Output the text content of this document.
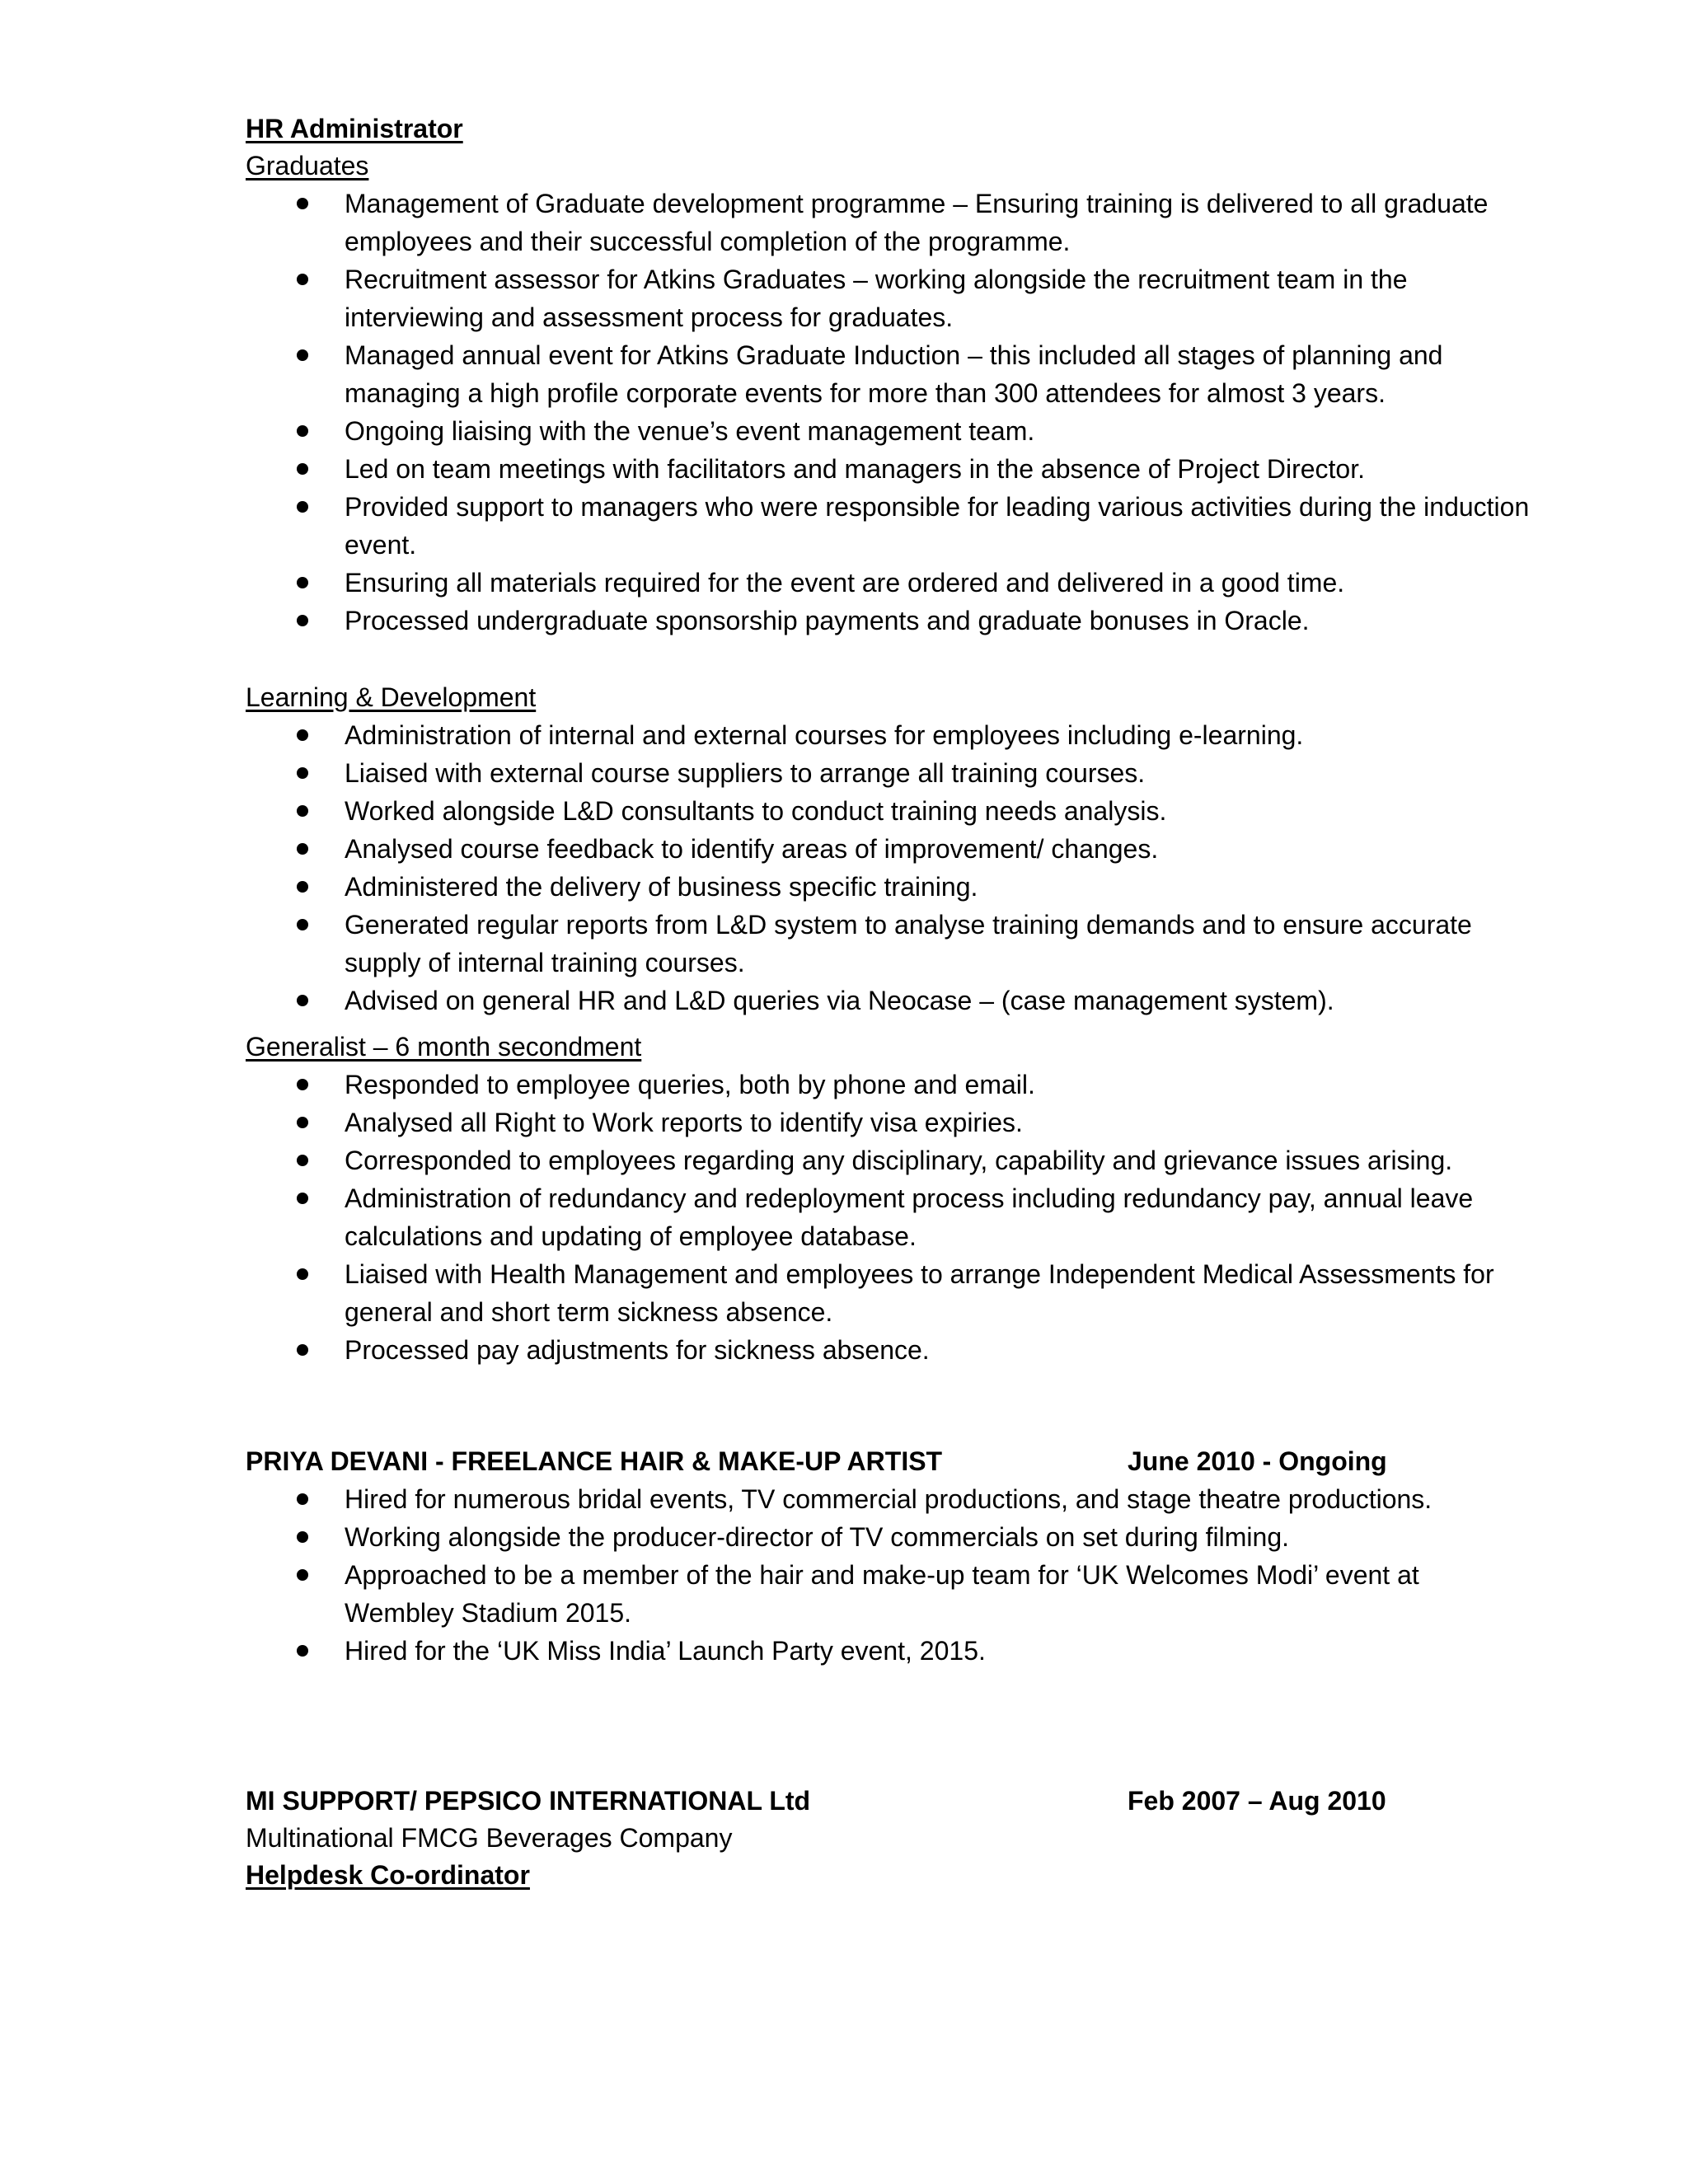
HR Administrator
Graduates
Management of Graduate development programme – Ensuring training is delivered to all graduate employees and their successful completion of the programme.
Recruitment assessor for Atkins Graduates – working alongside the recruitment team in the interviewing and assessment process for graduates.
Managed annual event for Atkins Graduate Induction – this included all stages of planning and managing a high profile corporate events for more than 300 attendees for almost 3 years.
Ongoing liaising with the venue’s event management team.
Led on team meetings with facilitators and managers in the absence of Project Director.
Provided support to managers who were responsible for leading various activities during the induction event.
Ensuring all materials required for the event are ordered and delivered in a good time.
Processed undergraduate sponsorship payments and graduate bonuses in Oracle.
Learning & Development
Administration of internal and external courses for employees including e-learning.
Liaised with external course suppliers to arrange all training courses.
Worked alongside L&D consultants to conduct training needs analysis.
Analysed course feedback to identify areas of improvement/ changes.
Administered the delivery of business specific training.
Generated regular reports from L&D system to analyse training demands and to ensure accurate supply of internal training courses.
Advised on general HR and L&D queries via Neocase – (case management system).
Generalist – 6 month secondment
Responded to employee queries, both by phone and email.
Analysed all Right to Work reports to identify visa expiries.
Corresponded to employees regarding any disciplinary, capability and grievance issues arising.
Administration of redundancy and redeployment process including redundancy pay, annual leave calculations and updating of employee database.
Liaised with Health Management and employees to arrange Independent Medical Assessments for general and short term sickness absence.
Processed pay adjustments for sickness absence.
PRIYA DEVANI - FREELANCE HAIR & MAKE-UP ARTIST	June 2010 - Ongoing
Hired for numerous bridal events, TV commercial productions, and stage theatre productions.
Working alongside the producer-director of TV commercials on set during filming.
Approached to be a member of the hair and make-up team for ‘UK Welcomes Modi’ event at Wembley Stadium 2015.
Hired for the ‘UK Miss India’ Launch Party event, 2015.
MI SUPPORT/ PEPSICO INTERNATIONAL Ltd	Feb 2007 – Aug 2010
Multinational FMCG Beverages Company
Helpdesk Co-ordinator
